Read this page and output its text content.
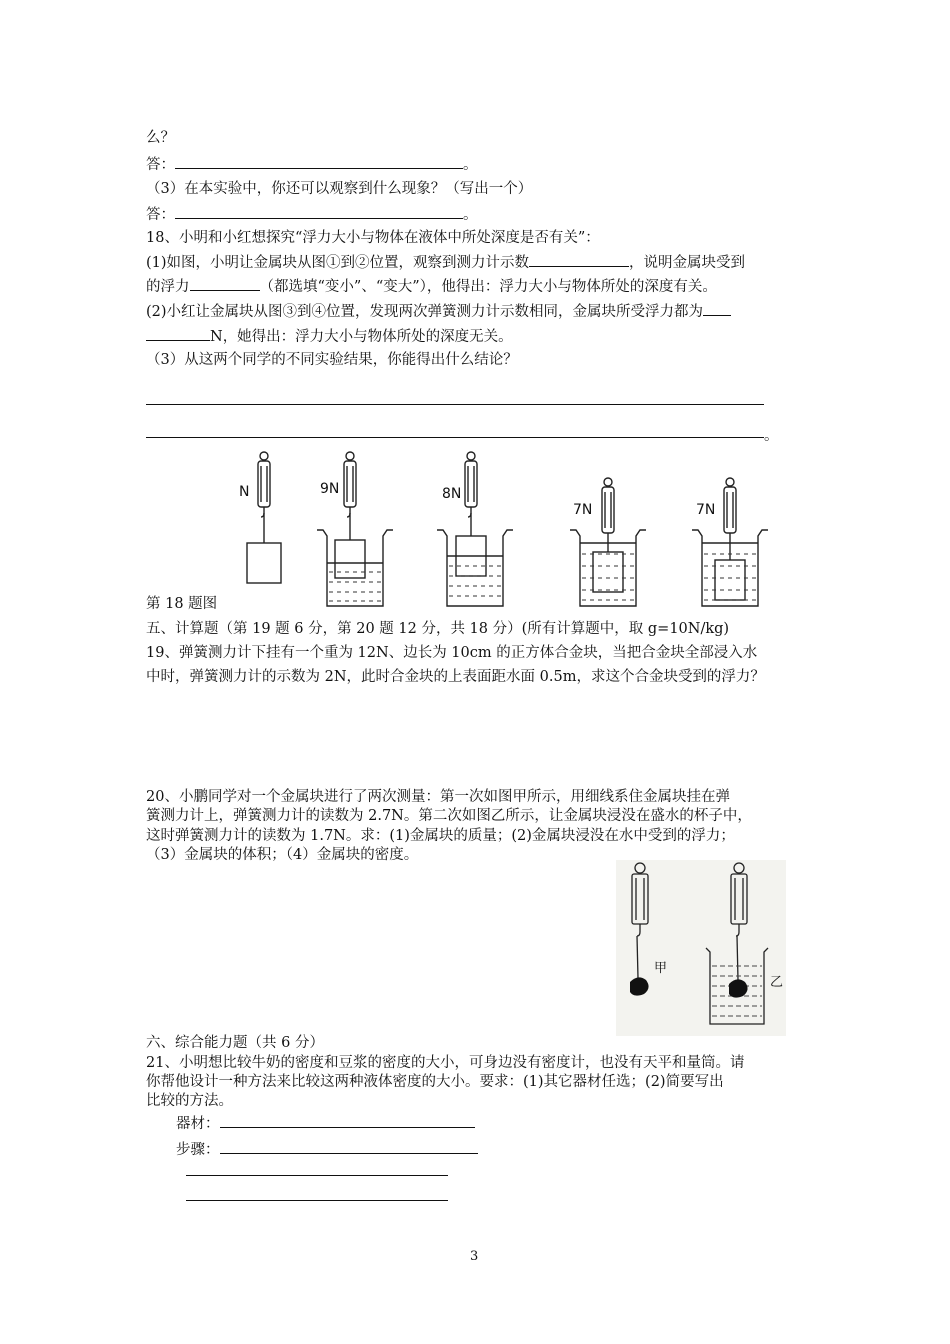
么？
答：	。
（3）在本实验中，你还可以观察到什么现象？（写出一个）
答：	。
18、小明和小红想探究“浮力大小与物体在液体中所处深度是否有关”：
(1)如图，小明让金属块从图①到②位置，观察到测力计示数	，说明金属块受到
的浮力	（都选填“变小”、“变大”），他得出：浮力大小与物体所处的深度有关。
(2)小红让金属块从图③到④位置，发现两次弹簧测力计示数相同，金属块所受浮力都为
N，她得出：浮力大小与物体所处的深度无关。
（3）从这两个同学的不同实验结果，你能得出什么结论？
。
N	9N	8N
7N	7N
第 18 题图
五、计算题（第 19 题 6 分，第 20 题 12 分，共 18 分）(所有计算题中，取 g=10N/kg)
19、弹簧测力计下挂有一个重为 12N、边长为 10cm 的正方体合金块，当把合金块全部浸入水
中时，弹簧测力计的示数为 2N，此时合金块的上表面距水面 0.5m，求这个合金块受到的浮力？
20、小鹏同学对一个金属块进行了两次测量：第一次如图甲所示，用细线系住金属块挂在弹
簧测力计上，弹簧测力计的读数为 2.7N。第二次如图乙所示，让金属块浸没在盛水的杯子中，
这时弹簧测力计的读数为 1.7N。求：(1)金属块的质量；(2)金属块浸没在水中受到的浮力；
（3）金属块的体积；（4）金属块的密度。
甲
乙
六、综合能力题（共 6 分）
21、小明想比较牛奶的密度和豆浆的密度的大小，可身边没有密度计，也没有天平和量筒。请
你帮他设计一种方法来比较这两种液体密度的大小。要求：(1)其它器材任选；(2)简要写出
比较的方法。
器材：
步骤：
3
